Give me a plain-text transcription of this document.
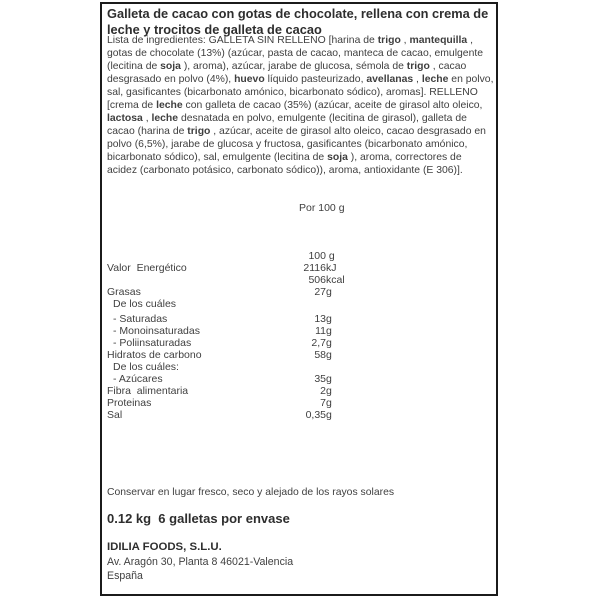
Galleta de cacao con gotas de chocolate, rellena con crema de leche y trocitos de galleta de cacao

Lista de ingredientes: GALLETA SIN RELLENO [harina de trigo , mantequilla , gotas de chocolate (13%) (azúcar, pasta de cacao, manteca de cacao, emulgente (lecitina de soja ), aroma), azúcar, jarabe de glucosa, sémola de trigo , cacao desgrasado en polvo (4%), huevo líquido pasteurizado, avellanas , leche en polvo, sal, gasificantes (bicarbonato amónico, bicarbonato sódico), aromas]. RELLENO [crema de leche con galleta de cacao (35%) (azúcar, aceite de girasol alto oleico, lactosa , leche desnatada en polvo, emulgente (lecitina de girasol), galleta de cacao (harina de trigo , azúcar, aceite de girasol alto oleico, cacao desgrasado en polvo (6,5%), jarabe de glucosa y fructosa, gasificantes (bicarbonato amónico, bicarbonato sódico), sal, emulgente (lecitina de soja ), aroma, correctores de acidez (carbonato potásico, carbonato sódico)), aroma, antioxidante (E 306)].

Por 100 g
100 g
Valor  Energético	2116 kJ
506 kcal
Grasas	27 g
De los cuáles
- Saturadas	13 g
- Monoinsaturadas	11 g
- Poliinsaturadas	2,7 g
Hidratos de carbono	58 g
De los cuáles:
- Azúcares	35 g
Fibra  alimentaria	2 g
Proteinas	7 g
Sal	0,35 g

Conservar en lugar fresco, seco y alejado de los rayos solares

0.12 kg  6 galletas por envase

IDILIA FOODS, S.L.U.

Av. Aragón 30, Planta 8 46021-Valencia

España
